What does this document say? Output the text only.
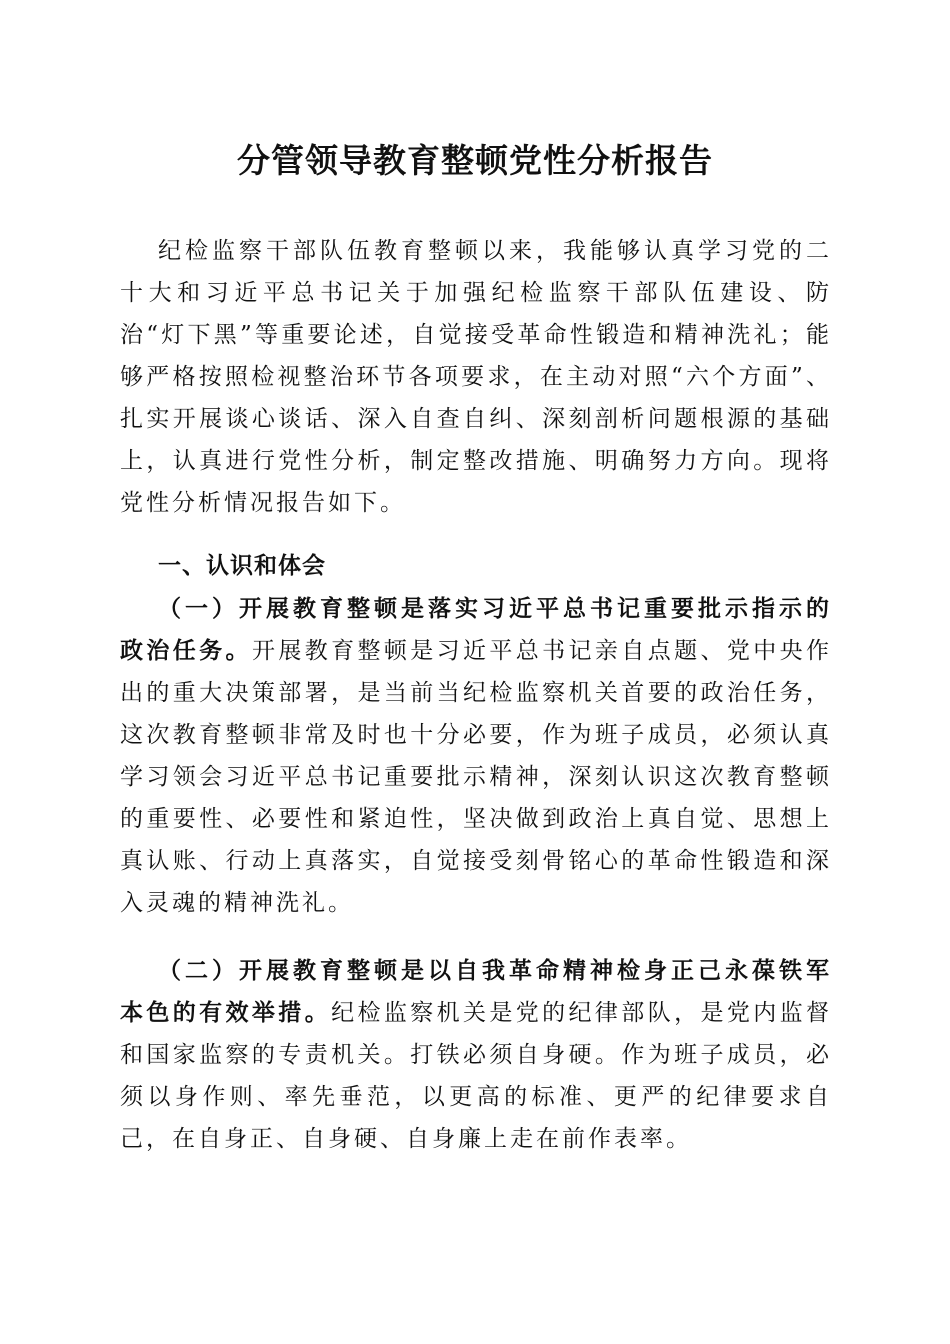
分管领导教育整顿党性分析报告

纪检监察干部队伍教育整顿以来，我能够认真学习党的二十大和习近平总书记关于加强纪检监察干部队伍建设、防治“灯下黑”等重要论述，自觉接受革命性锻造和精神洗礼；能够严格按照检视整治环节各项要求，在主动对照“六个方面”、扎实开展谈心谈话、深入自查自纠、深刻剖析问题根源的基础上，认真进行党性分析，制定整改措施、明确努力方向。现将党性分析情况报告如下。

一、认识和体会

（一）开展教育整顿是落实习近平总书记重要批示指示的政治任务。开展教育整顿是习近平总书记亲自点题、党中央作出的重大决策部署，是当前当纪检监察机关首要的政治任务，这次教育整顿非常及时也十分必要，作为班子成员，必须认真学习领会习近平总书记重要批示精神，深刻认识这次教育整顿的重要性、必要性和紧迫性，坚决做到政治上真自觉、思想上真认账、行动上真落实，自觉接受刻骨铭心的革命性锻造和深入灵魂的精神洗礼。

（二）开展教育整顿是以自我革命精神检身正己永葆铁军本色的有效举措。纪检监察机关是党的纪律部队，是党内监督和国家监察的专责机关。打铁必须自身硬。作为班子成员，必须以身作则、率先垂范，以更高的标准、更严的纪律要求自己，在自身正、自身硬、自身廉上走在前作表率。
